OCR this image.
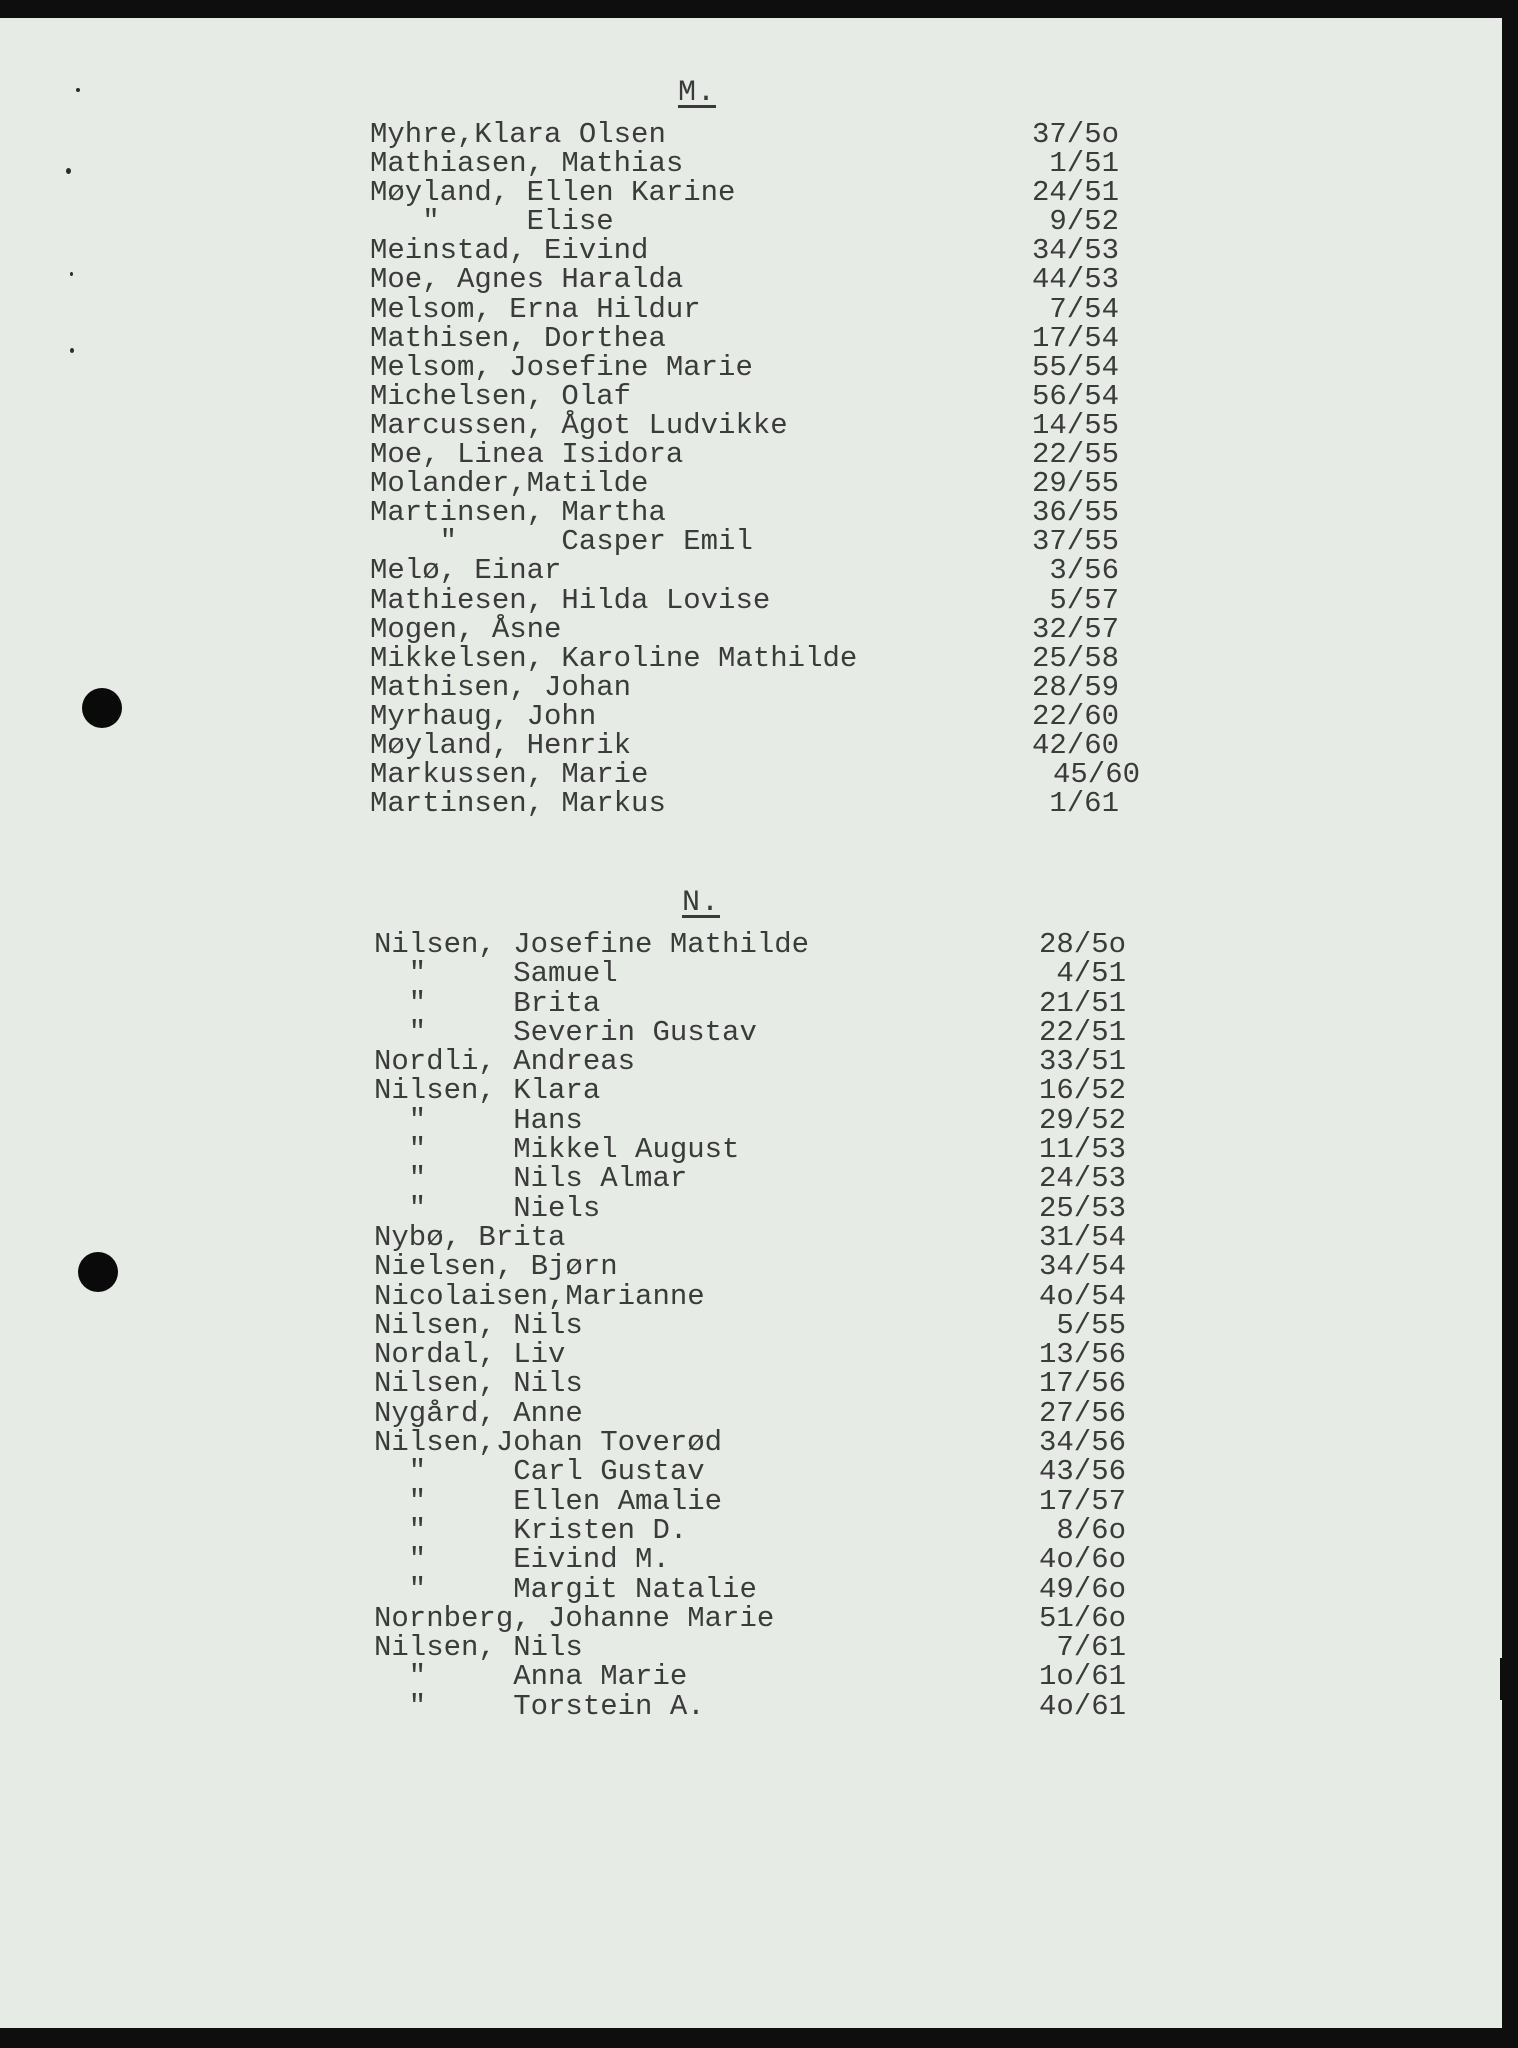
M.
Myhre,Klara Olsen	37/5o
Mathiasen, Mathias	1/51
Møyland, Ellen Karine	24/51
"     Elise	9/52
Meinstad, Eivind	34/53
Moe, Agnes Haralda	44/53
Melsom, Erna Hildur	7/54
Mathisen, Dorthea	17/54
Melsom, Josefine Marie	55/54
Michelsen, Olaf	56/54
Marcussen, Ågot Ludvikke	14/55
Moe, Linea Isidora	22/55
Molander,Matilde	29/55
Martinsen, Martha	36/55
"      Casper Emil	37/55
Melø, Einar	3/56
Mathiesen, Hilda Lovise	5/57
Mogen, Åsne	32/57
Mikkelsen, Karoline Mathilde	25/58
Mathisen, Johan	28/59
Myrhaug, John	22/60
Møyland, Henrik	42/60
Markussen, Marie	45/60
Martinsen, Markus	1/61
N.
Nilsen, Josefine Mathilde	28/5o
"     Samuel	4/51
"     Brita	21/51
"     Severin Gustav	22/51
Nordli, Andreas	33/51
Nilsen, Klara	16/52
"     Hans	29/52
"     Mikkel August	11/53
"     Nils Almar	24/53
"     Niels	25/53
Nybø, Brita	31/54
Nielsen, Bjørn	34/54
Nicolaisen,Marianne	4o/54
Nilsen, Nils	5/55
Nordal, Liv	13/56
Nilsen, Nils	17/56
Nygård, Anne	27/56
Nilsen,Johan Toverød	34/56
"     Carl Gustav	43/56
"     Ellen Amalie	17/57
"     Kristen D.	8/6o
"     Eivind M.	4o/6o
"     Margit Natalie	49/6o
Nornberg, Johanne Marie	51/6o
Nilsen, Nils	7/61
"     Anna Marie	1o/61
"     Torstein A.	4o/61
